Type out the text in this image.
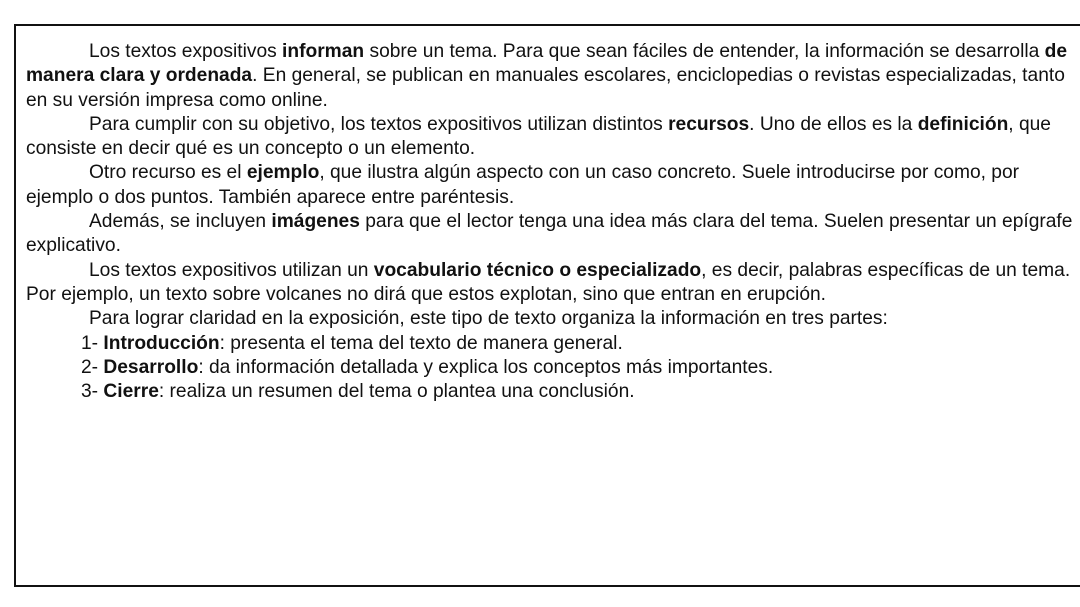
Los textos expositivos informan sobre un tema. Para que sean fáciles de entender, la información se desarrolla de manera clara y ordenada. En general, se publican en manuales escolares, enciclopedias o revistas especializadas, tanto en su versión impresa como online.

Para cumplir con su objetivo, los textos expositivos utilizan distintos recursos. Uno de ellos es la definición, que consiste en decir qué es un concepto o un elemento.

Otro recurso es el ejemplo, que ilustra algún aspecto con un caso concreto. Suele introducirse por como, por ejemplo o dos puntos. También aparece entre paréntesis.

Además, se incluyen imágenes para que el lector tenga una idea más clara del tema. Suelen presentar un epígrafe explicativo.

Los textos expositivos utilizan un vocabulario técnico o especializado, es decir, palabras específicas de un tema. Por ejemplo, un texto sobre volcanes no dirá que estos explotan, sino que entran en erupción.

Para lograr claridad en la exposición, este tipo de texto organiza la información en tres partes:

1- Introducción: presenta el tema del texto de manera general.

2- Desarrollo: da información detallada y explica los conceptos más importantes.

3- Cierre: realiza un resumen del tema o plantea una conclusión.
